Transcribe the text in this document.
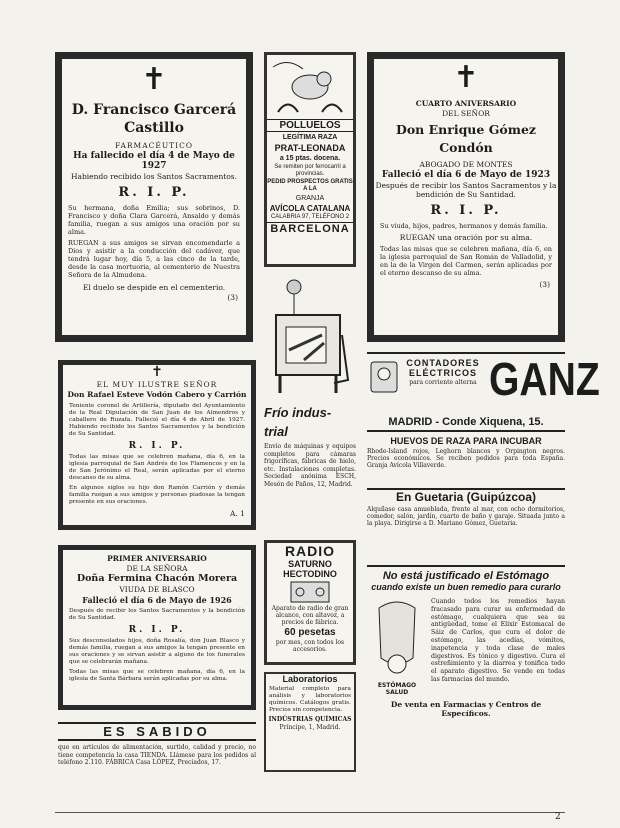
✝
D. Francisco Garcerá Castillo
FARMACÉUTICO
Ha fallecido el día 4 de Mayo de 1927
Habiendo recibido los Santos Sacramentos.
R. I. P.
Su hermana, doña Emilia; sus sobrinos, D. Francisco y doña Clara Garcerá, Ansaldo y demás familia, ruegan a sus amigos una oración por su alma.
RUEGAN a sus amigos se sirvan encomendarle a Dios y asistir a la conducción del cadáver, que tendrá lugar hoy, día 5, a las cinco de la tarde, desde la casa mortuoria, al cementerio de Nuestra Señora de la Almudena.
El duelo se despide en el cementerio.
(3)
✝
EL MUY ILUSTRE SEÑOR
Don Rafael Esteve Vodón Cabero y Carrión
Teniente coronel de Artillería, diputado del Ayuntamiento de la Real Diputación de San Juan de los Almendros y caballero de Ruzafa. Falleció el día 4 de Abril de 1927. Habiendo recibido los Santos Sacramentos y la bendición de Su Santidad.
R. I. P.
Todas las misas que se celebren mañana, día 6, en la iglesia parroquial de San Andrés de los Flamencos y en la de San Jerónimo el Real, serán aplicadas por el eterno descanso de su alma.
En algunos siglos su hijo don Ramón Carrión y demás familia ruegan a sus amigos y personas piadosas la tengan presente en sus oraciones.
A. 1
PRIMER ANIVERSARIO
DE LA SEÑORA
Doña Fermina Chacón Morera
VIUDA DE BLASCO
Falleció el día 6 de Mayo de 1926
Después de recibir los Santos Sacramentos y la bendición de Su Santidad.
R. I. P.
Sus desconsolados hijos, doña Rosalía, don Juan Blasco y demás familia, ruegan a sus amigos la tengan presente en sus oraciones y se sirvan asistir a alguno de los funerales que se celebrarán mañana.
Todas las misas que se celebren mañana, día 6, en la iglesia de Santa Bárbara serán aplicadas por su alma.
ES SABIDO
que en artículos de alimentación, surtido, calidad y precio, no tiene competencia la casa TIENDA. Llámese para los pedidos al teléfono 2.110. FÁBRICA Casa LÓPEZ, Preciados, 17.
POLLUELOS
LEGÍTIMA RAZA
PRAT-LEONADA
a 15 ptas. docena.
Se remiten por ferrocarril a provincias.
PEDID PROSPECTOS GRATIS A LA
GRANJA
AVÍCOLA CATALANA
CALABRIA 97, TELÉFONO 2
BARCELONA
Frío indus- trial
Envío de máquinas y equipos completos para cámaras frigoríficas, fábricas de hielo, etc. Instalaciones completas. Sociedad anónima ESCH, Mesón de Paños, 12, Madrid.
RADIO
SATURNO
HECTODINO
Aparato de radio de gran alcance, con altavoz, a precios de fábrica.
60 pesetas
por mes, con todos los accesorios.
Laboratorios
Material completo para análisis y laboratorios químicos. Catálogos gratis. Precios sin competencia.
INDÚSTRIAS QUÍMICAS
Príncipe, 1, Madrid.
✝
CUARTO ANIVERSARIO
DEL SEÑOR
Don Enrique Gómez Condón
ABOGADO DE MONTES
Falleció el día 6 de Mayo de 1923
Después de recibir los Santos Sacramentos y la bendición de Su Santidad.
R. I. P.
Su viuda, hijos, padres, hermanos y demás familia.
RUEGAN una oración por su alma.
Todas las misas que se celebren mañana, día 6, en la iglesia parroquial de San Román de Valladolid, y en la de la Virgen del Carmen, serán aplicadas por el eterno descanso de su alma.
(3)
CONTADORES
ELÉCTRICOS
para corriente alterna GANZ
MADRID - Conde Xiquena, 15.
HUEVOS DE RAZA PARA INCUBAR
Rhode-Island rojos, Leghorn blancos y Orpington negros. Precios económicos. Se reciben pedidos para toda España. Granja Avícola Villaverde.
En Guetaria (Guipúzcoa)
Alquílase casa amueblada, frente al mar, con ocho dormitorios, comedor, salón, jardín, cuarto de baño y garaje. Situada junto a la playa. Dirigirse a D. Mariano Gómez, Guetaria.
No está justificado el Estómago
cuando existe un buen remedio para curarlo
ESTÓMAGO
SALUD
Cuando todos los remedios hayan fracasado para curar su enfermedad de estómago, cualquiera que sea su antigüedad, tome el Elixir Estomacal de Sáiz de Carlos, que cura el dolor de estómago, las acedías, vómitos, inapetencia y toda clase de males digestivos. Es tónico y digestivo. Cura el estreñimiento y la diarrea y tonifica todo el aparato digestivo. Se vende en todas las farmacias del mundo.
De venta en Farmacias y Centros de Específicos.
2
